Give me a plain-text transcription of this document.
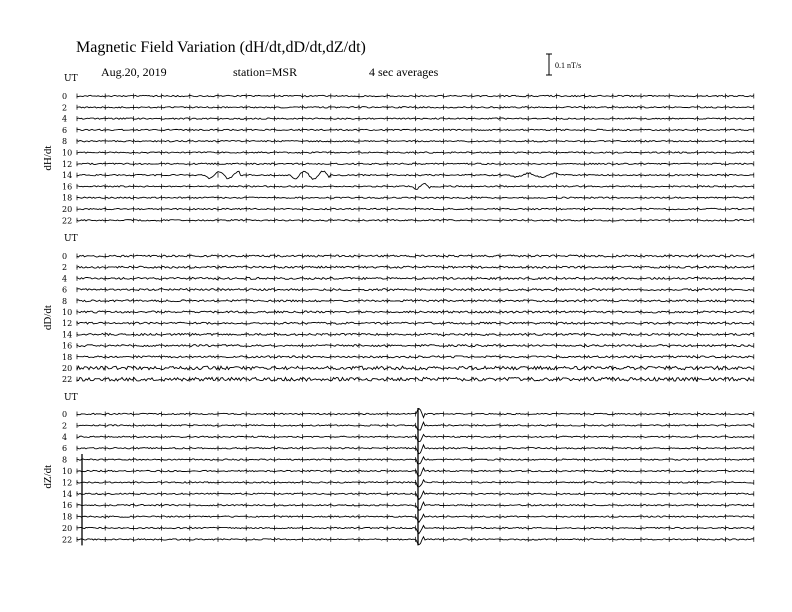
Magnetic Field Variation (dH/dt,dD/dt,dZ/dt)
Aug.20, 2019	station=MSR	4 sec averages	0.1 nT/s
UT
dH/dt
0
2
4
6
8
10
12
14
16
18
20
22
UT
dD/dt
0
2
4
6
8
10
12
14
16
18
20
22
UT
dZ/dt
0
2
4
6
8
10
12
14
16
18
20
22
